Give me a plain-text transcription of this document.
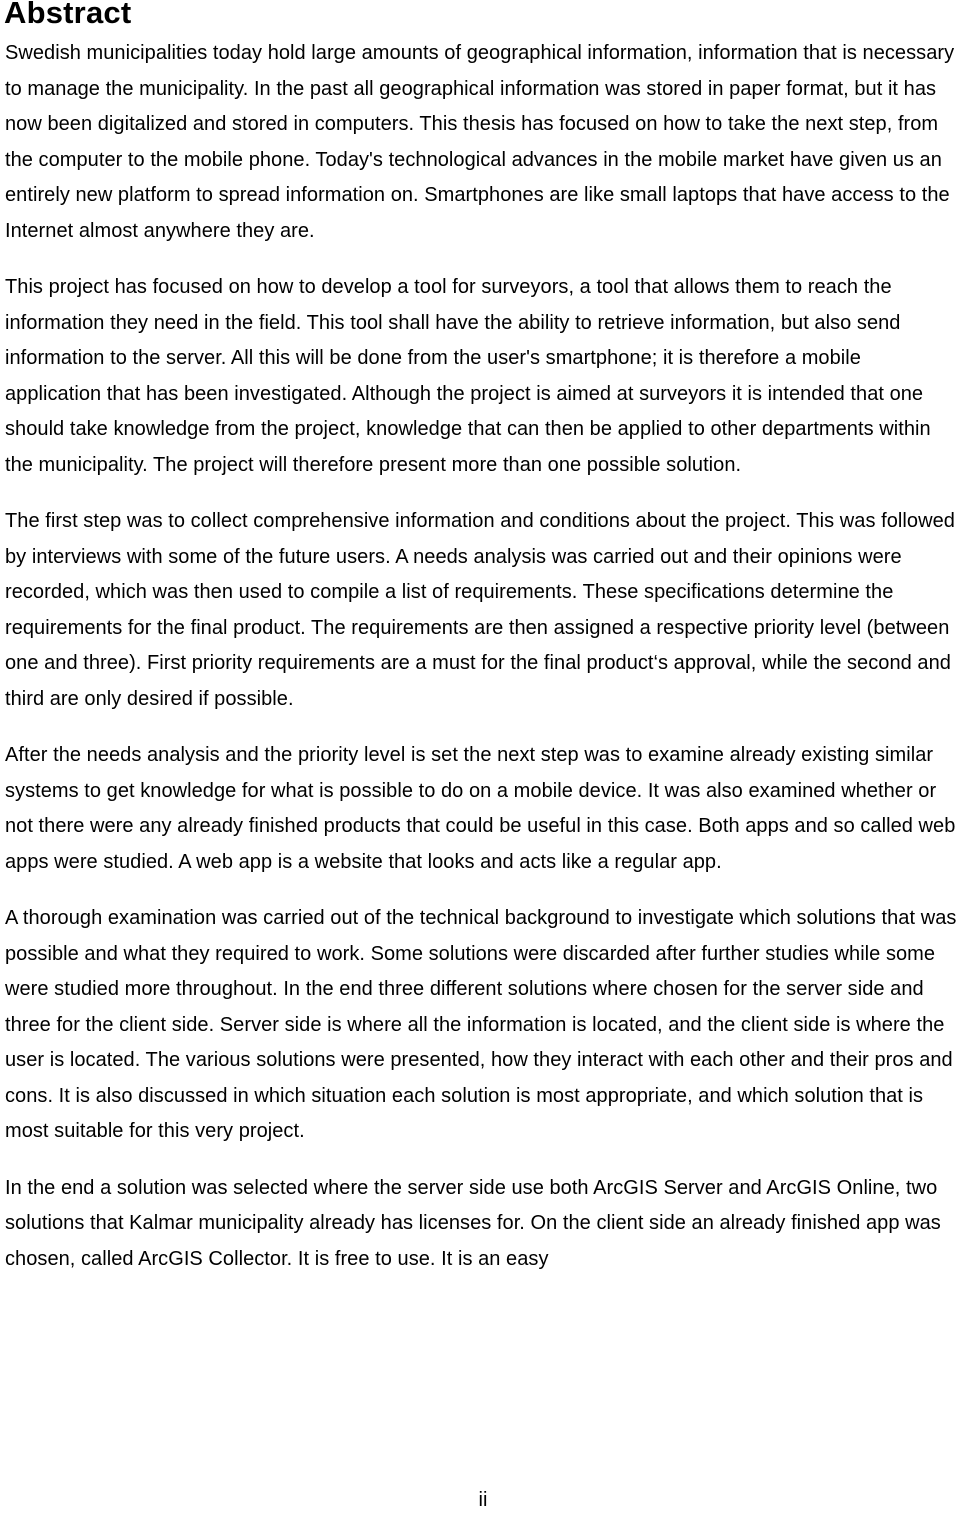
Abstract

Swedish municipalities today hold large amounts of geographical information, information that is necessary to manage the municipality. In the past all geographical information was stored in paper format, but it has now been digitalized and stored in computers. This thesis has focused on how to take the next step, from the computer to the mobile phone. Today's technological advances in the mobile market have given us an entirely new platform to spread information on. Smartphones are like small laptops that have access to the Internet almost anywhere they are.

This project has focused on how to develop a tool for surveyors, a tool that allows them to reach the information they need in the field. This tool shall have the ability to retrieve information, but also send information to the server. All this will be done from the user's smartphone; it is therefore a mobile application that has been investigated. Although the project is aimed at surveyors it is intended that one should take knowledge from the project, knowledge that can then be applied to other departments within the municipality. The project will therefore present more than one possible solution.

The first step was to collect comprehensive information and conditions about the project. This was followed by interviews with some of the future users. A needs analysis was carried out and their opinions were recorded, which was then used to compile a list of requirements. These specifications determine the requirements for the final product. The requirements are then assigned a respective priority level (between one and three). First priority requirements are a must for the final product‘s approval, while the second and third are only desired if possible.

After the needs analysis and the priority level is set the next step was to examine already existing similar systems to get knowledge for what is possible to do on a mobile device. It was also examined whether or not there were any already finished products that could be useful in this case. Both apps and so called web apps were studied. A web app is a website that looks and acts like a regular app.

A thorough examination was carried out of the technical background to investigate which solutions that was possible and what they required to work. Some solutions were discarded after further studies while some were studied more throughout. In the end three different solutions where chosen for the server side and three for the client side. Server side is where all the information is located, and the client side is where the user is located. The various solutions were presented, how they interact with each other and their pros and cons. It is also discussed in which situation each solution is most appropriate, and which solution that is most suitable for this very project.

In the end a solution was selected where the server side use both ArcGIS Server and ArcGIS Online, two solutions that Kalmar municipality already has licenses for. On the client side an already finished app was chosen, called ArcGIS Collector. It is free to use. It is an easy

ii
